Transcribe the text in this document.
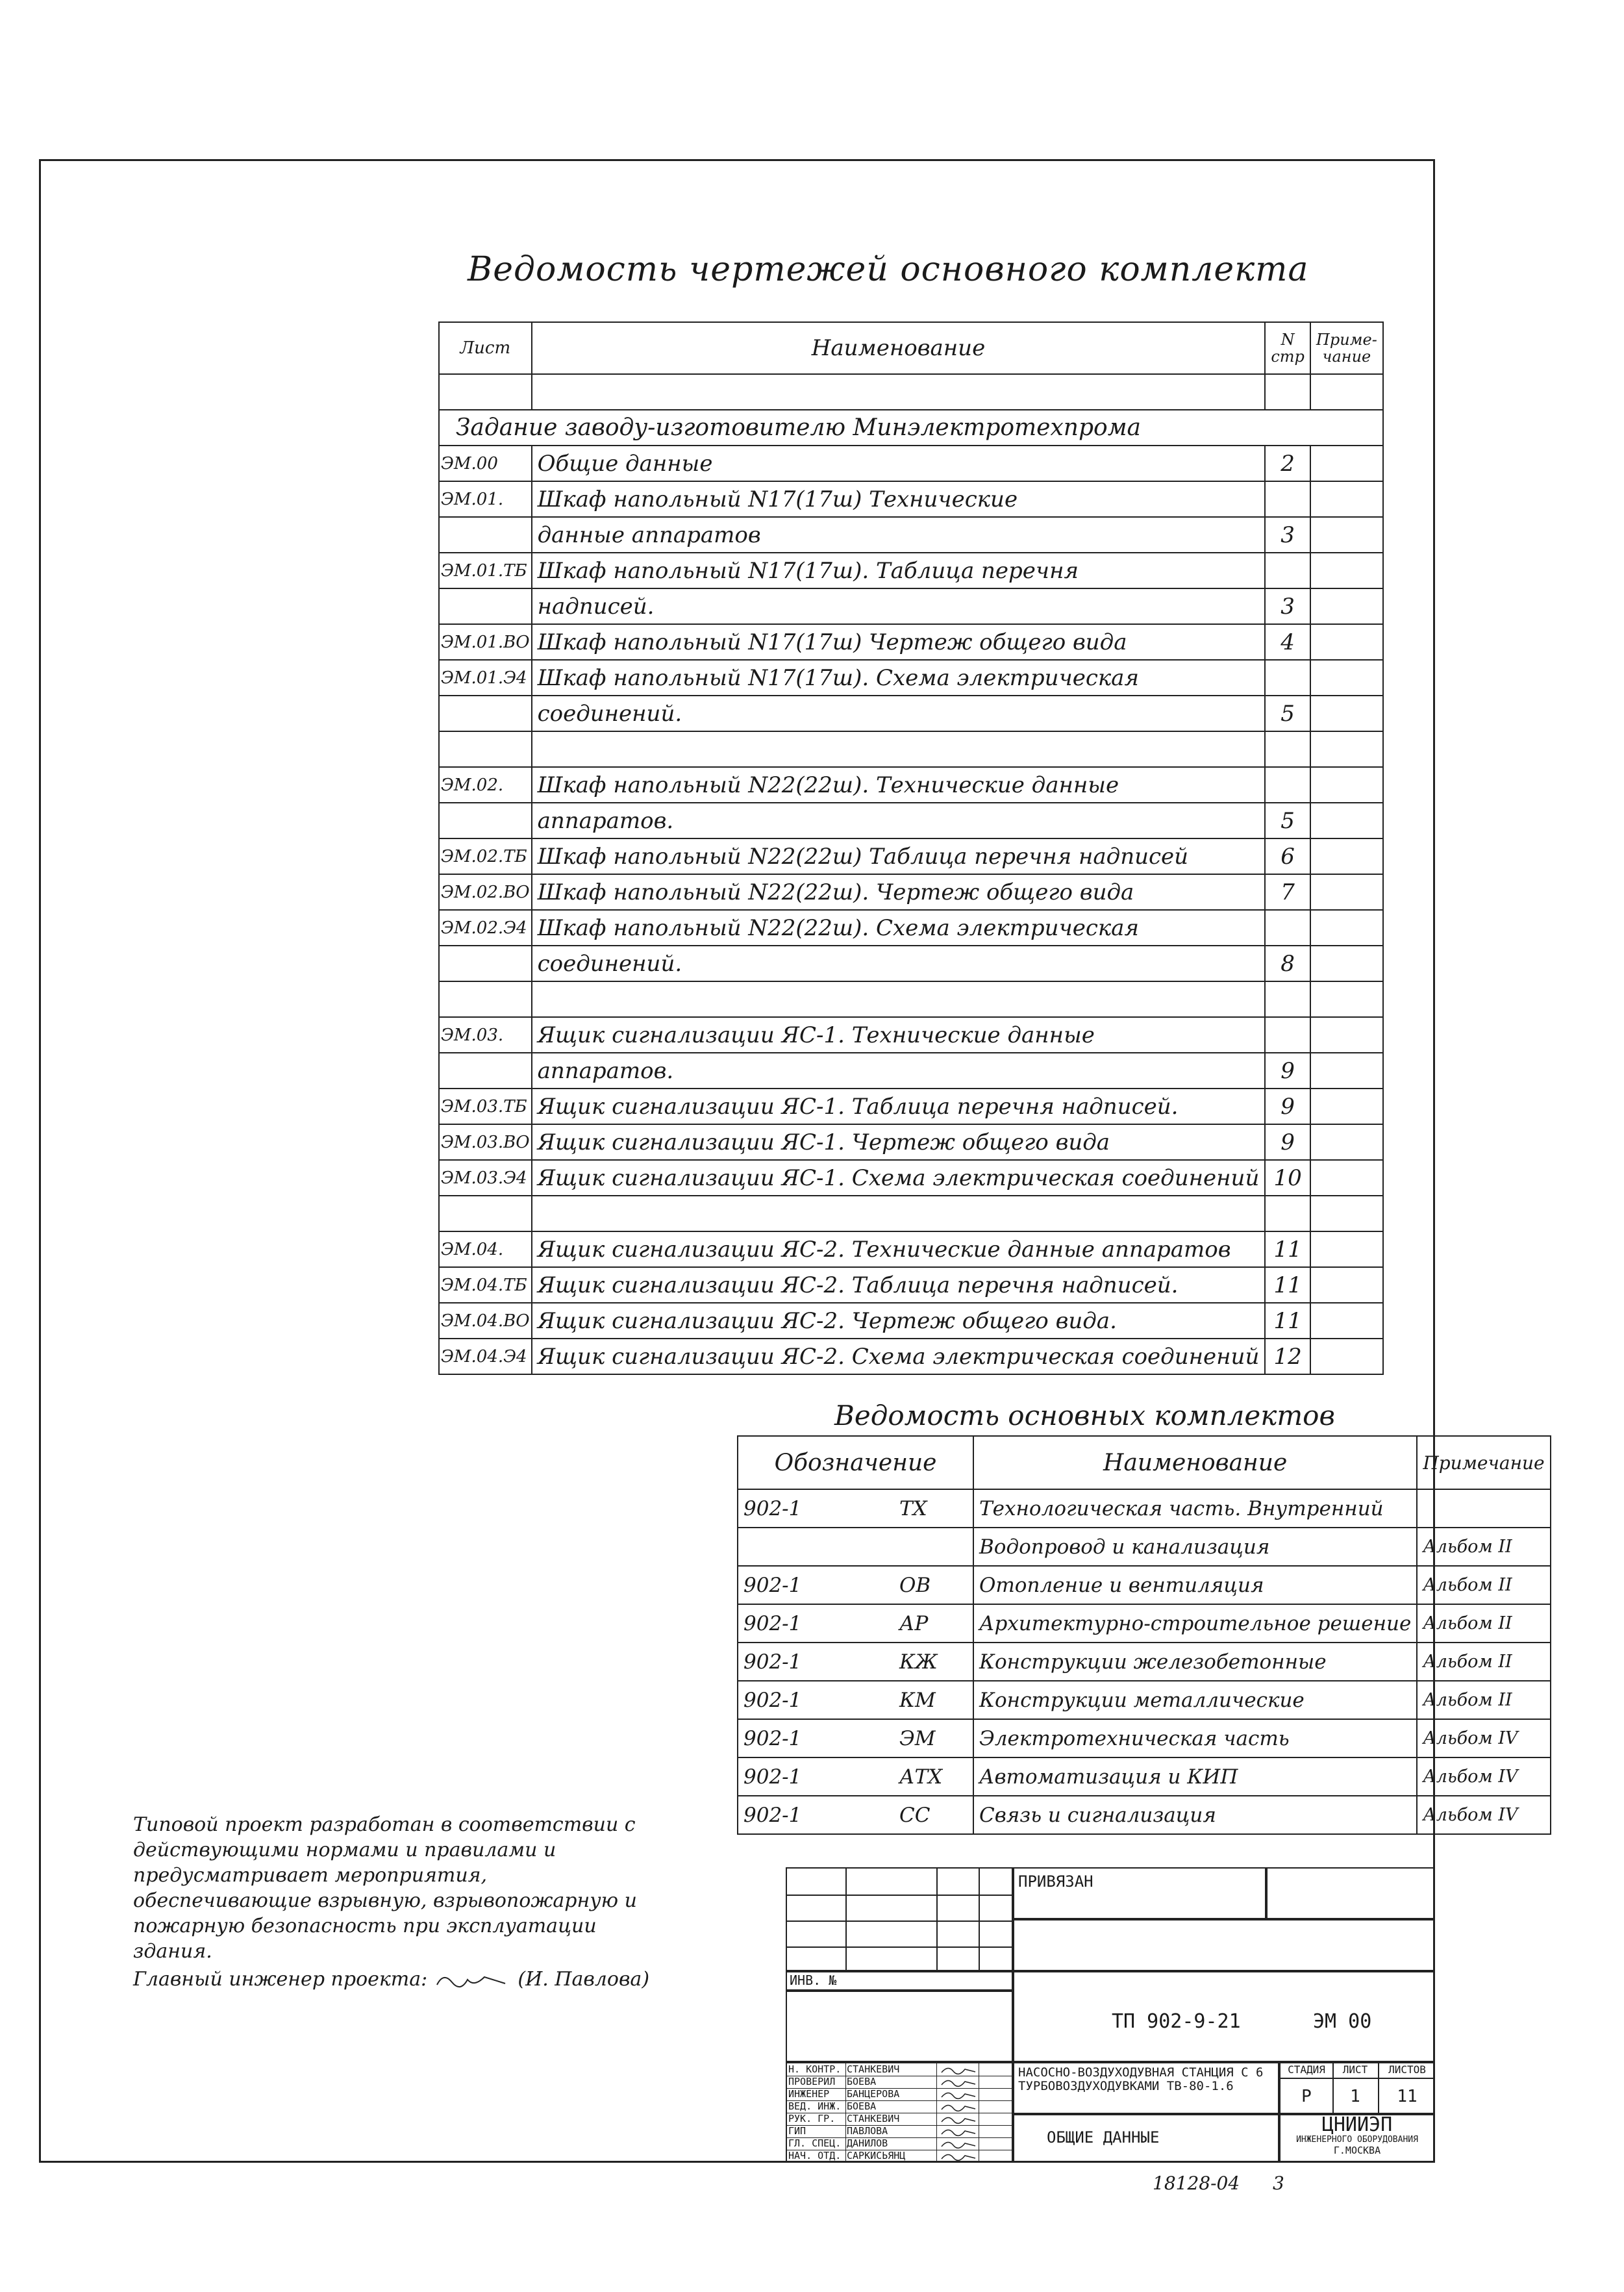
Ведомость чертежей основного комплекта
Лист	Наименование	N стр	Приме-чание

Задание заводу-изготовителю Минэлектротехпрома			
ЭМ.00	Общие данные	2	
ЭМ.01.	Шкаф напольный N17(17ш) Технические		
	данные аппаратов	3	
ЭМ.01.ТБ	Шкаф напольный N17(17ш). Таблица перечня		
	надписей.	3	
ЭМ.01.ВО	Шкаф напольный N17(17ш) Чертеж общего вида	4	
ЭМ.01.Э4	Шкаф напольный N17(17ш). Схема электрическая		
	соединений.	5	

ЭМ.02.	Шкаф напольный N22(22ш). Технические данные		
	аппаратов.	5	
ЭМ.02.ТБ	Шкаф напольный N22(22ш) Таблица перечня надписей	6	
ЭМ.02.ВО	Шкаф напольный N22(22ш). Чертеж общего вида	7	
ЭМ.02.Э4	Шкаф напольный N22(22ш). Схема электрическая		
	соединений.	8	

ЭМ.03.	Ящик сигнализации ЯС-1. Технические данные		
	аппаратов.	9	
ЭМ.03.ТБ	Ящик сигнализации ЯС-1. Таблица перечня надписей.	9	
ЭМ.03.ВО	Ящик сигнализации ЯС-1. Чертеж общего вида	9	
ЭМ.03.Э4	Ящик сигнализации ЯС-1. Схема электрическая соединений	10	

ЭМ.04.	Ящик сигнализации ЯС-2. Технические данные аппаратов	11	
ЭМ.04.ТБ	Ящик сигнализации ЯС-2. Таблица перечня надписей.	11	
ЭМ.04.ВО	Ящик сигнализации ЯС-2. Чертеж общего вида.	11	
ЭМ.04.Э4	Ящик сигнализации ЯС-2. Схема электрическая соединений	12	
Ведомость основных комплектов
Обозначение	Наименование	Примечание
902-1 ТХ	Технологическая часть. Внутренний	
	Водопровод и канализация	Альбом II
902-1 ОВ	Отопление и вентиляция	Альбом II
902-1 АР	Архитектурно-строительное решение	Альбом II
902-1 КЖ	Конструкции железобетонные	Альбом II
902-1 КМ	Конструкции металлические	Альбом II
902-1 ЭМ	Электротехническая часть	Альбом IV
902-1 АТХ	Автоматизация и КИП	Альбом IV
902-1 СС	Связь и сигнализация	Альбом IV
Типовой проект разработан в соответствии с действующими нормами и правилами и предусматривает мероприятия, обеспечивающие взрывную, взрывопожарную и пожарную безопасность при эксплуатации здания.
Главный инженер проекта:	(И. Павлова)
ПРИВЯЗАН
ИНВ. №
ТП 902-9-21	ЭМ 00
Н. КОНТР. СТАНКЕВИЧ
ПРОВЕРИЛ	БОЕВА
ИНЖЕНЕР	БАНЦЕРОВА
ВЕД. ИНЖ. БОЕВА
РУК. ГР.	СТАНКЕВИЧ
ГИП	ПАВЛОВА
ГЛ. СПЕЦ. ДАНИЛОВ
НАЧ. ОТД. САРКИСЬЯНЦ
НАСОСНО-ВОЗДУХОДУВНАЯ СТАНЦИЯ С 6 ТУРБОВОЗДУХОДУВКАМИ ТВ-80-1.6
СТАДИЯ	ЛИСТ	ЛИСТОВ
Р	1	11
ОБЩИЕ ДАННЫЕ
ЦНИИЭП
ИНЖЕНЕРНОГО ОБОРУДОВАНИЯ
Г.МОСКВА
18128-04 3
